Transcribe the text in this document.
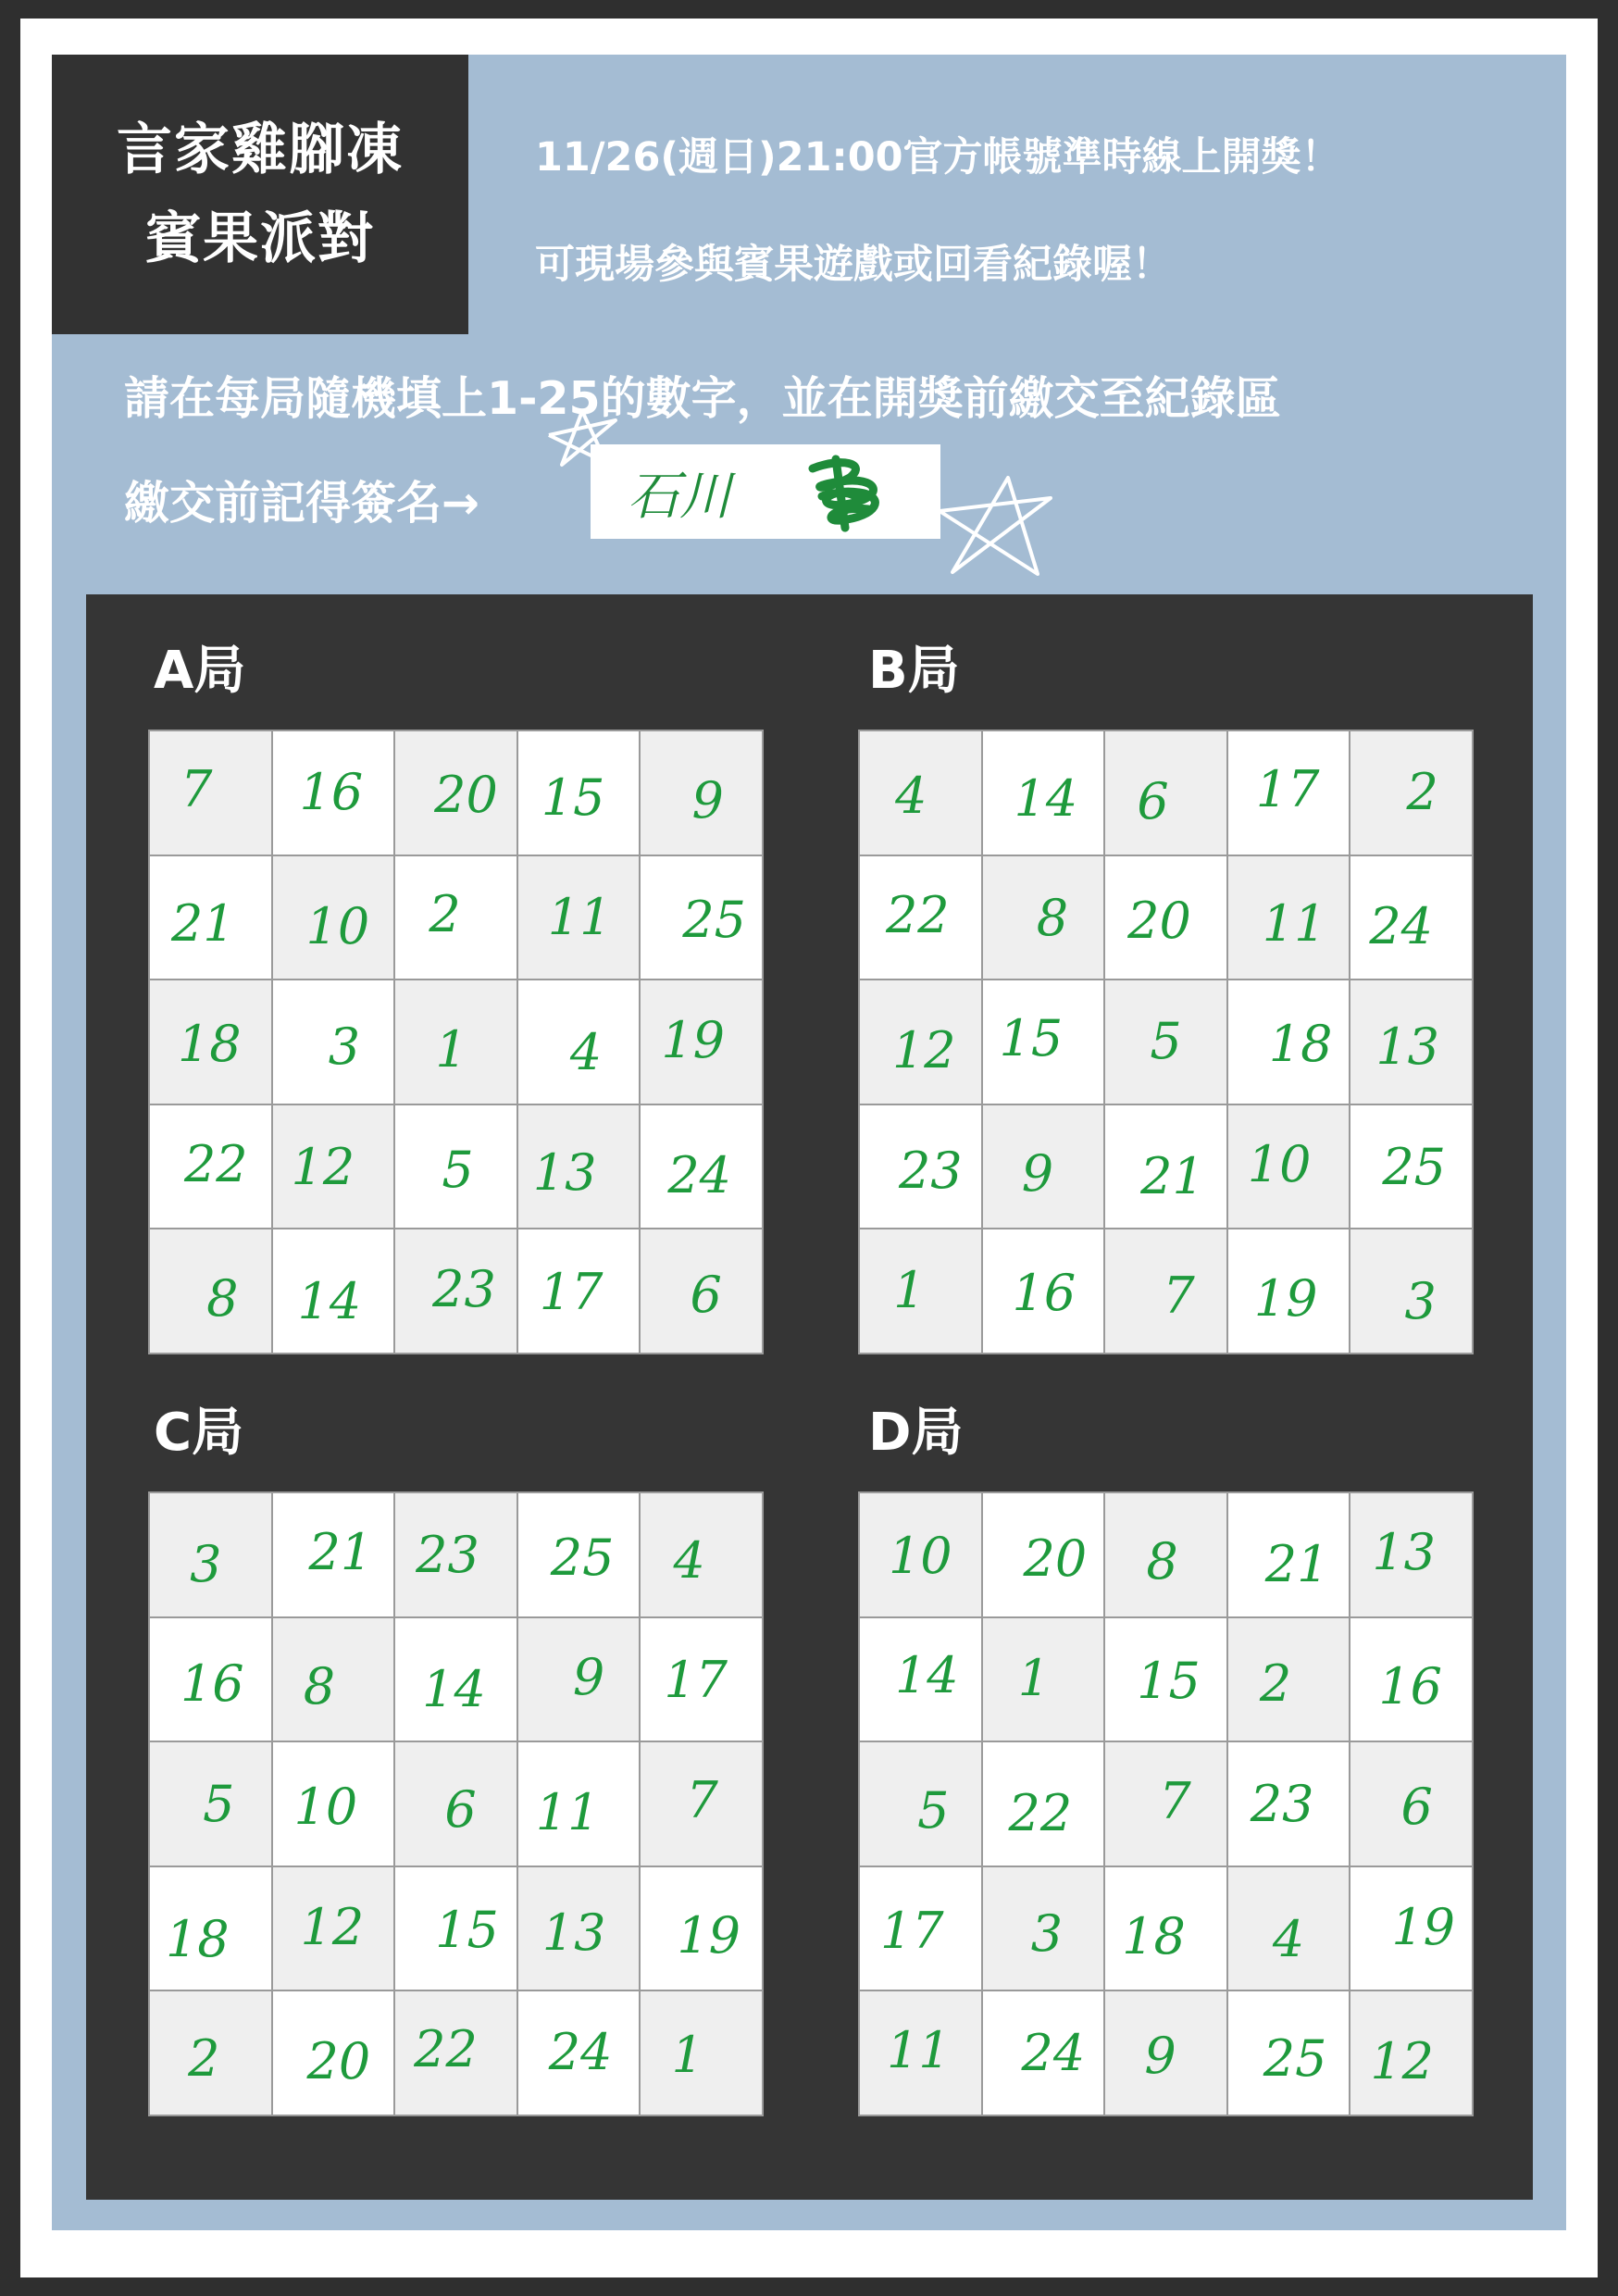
言家雞腳凍
賓果派對
11/26(週日)21:00官方帳號準時線上開獎！
可現場參與賓果遊戲或回看紀錄喔！
請在每局隨機填上1-25的數字，並在開獎前繳交至紀錄區
繳交前記得簽名→	石川
A局	B局
C局	D局
7 16 20 15 9
21 10 2 11 25
18 3 1 4 19
22 12 5 13 24
8 14 23 17 6
4 14 6 17 2
22 8 20 11 24
12 15 5 18 13
23 9 21 10 25
1 16 7 19 3
3 21 23 25 4
16 8 14 9 17
5 10 6 11 7
18 12 15 13 19
2 20 22 24 1
10 20 8 21 13
14 1 15 2 16
5 22 7 23 6
17 3 18 4 19
11 24 9 25 12
